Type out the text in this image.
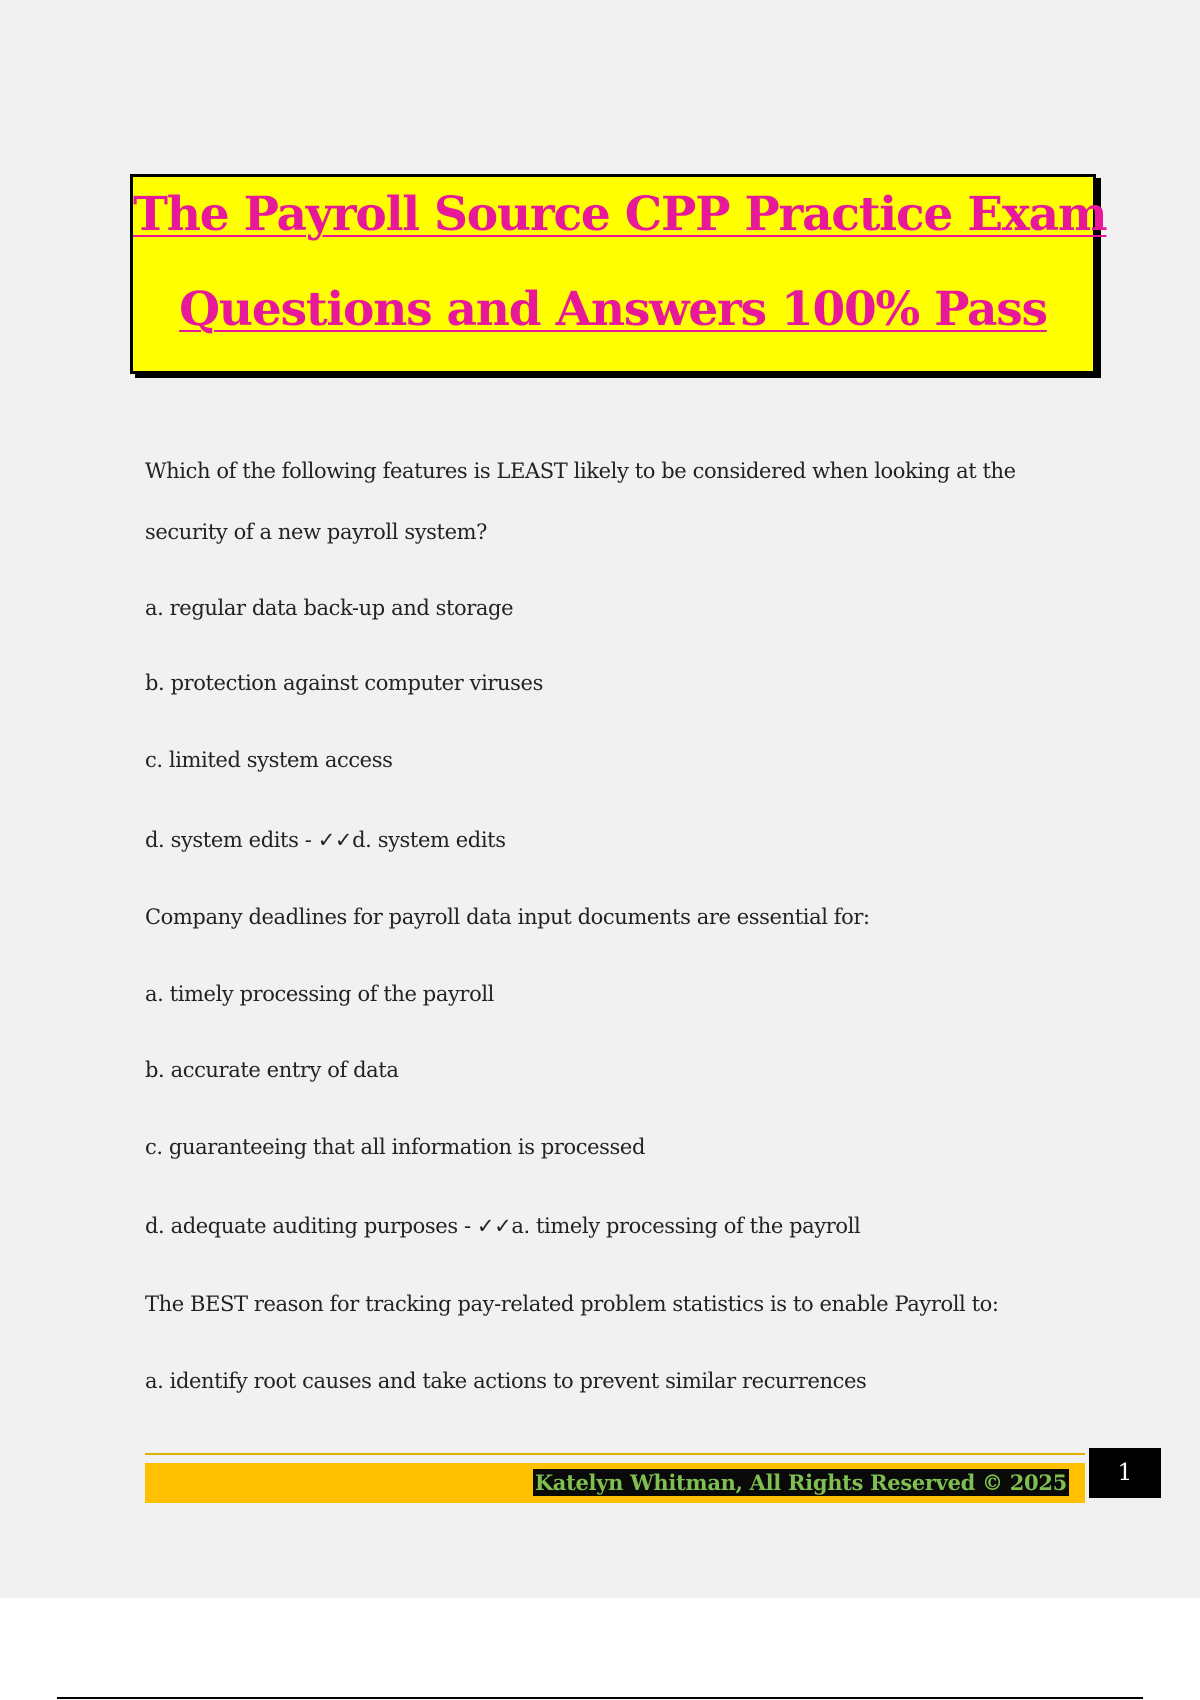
The Payroll Source CPP Practice Exam
Questions and Answers 100% Pass
Which of the following features is LEAST likely to be considered when looking at the
security of a new payroll system?
a. regular data back-up and storage
b. protection against computer viruses
c. limited system access
d. system edits - ✓✓d. system edits
Company deadlines for payroll data input documents are essential for:
a. timely processing of the payroll
b. accurate entry of data
c. guaranteeing that all information is processed
d. adequate auditing purposes - ✓✓a. timely processing of the payroll
The BEST reason for tracking pay-related problem statistics is to enable Payroll to:
a. identify root causes and take actions to prevent similar recurrences
Katelyn Whitman, All Rights Reserved © 2025	1
